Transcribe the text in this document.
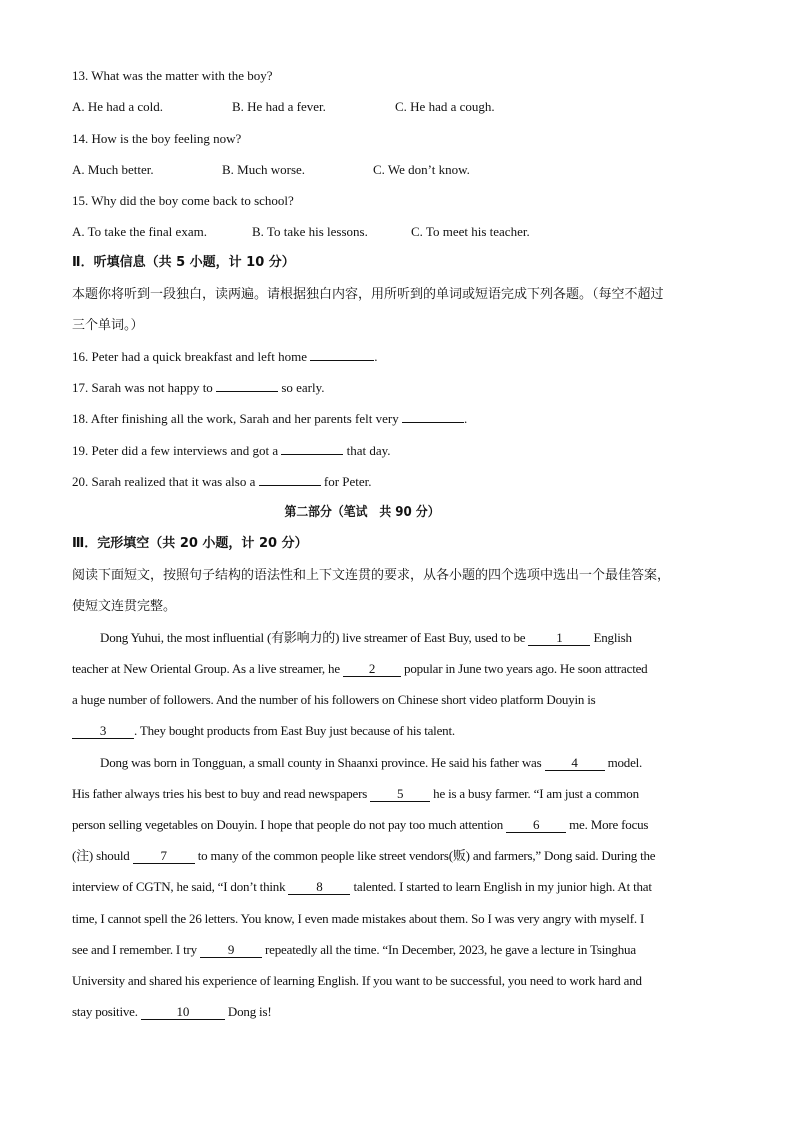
13. What was the matter with the boy?
A. He had a cold.	B. He had a fever.	C. He had a cough.
14. How is the boy feeling now?
A. Much better.	B. Much worse.	C. We don’t know.
15. Why did the boy come back to school?
A. To take the final exam.	B. To take his lessons.	C. To meet his teacher.
Ⅱ．听填信息（共 5 小题，计 10 分）
本题你将听到一段独白，读两遍。请根据独白内容，用所听到的单词或短语完成下列各题。（每空不超过
三个单词。）
16. Peter had a quick breakfast and left home	.
17. Sarah was not happy to	so early.
18. After finishing all the work, Sarah and her parents felt very	.
19. Peter did a few interviews and got a	that day.
20. Sarah realized that it was also a	for Peter.
第二部分（笔试　共 90 分）
Ⅲ．完形填空（共 20 小题，计 20 分）
阅读下面短文，按照句子结构的语法性和上下文连贯的要求，从各小题的四个选项中选出一个最佳答案，
使短文连贯完整。
Dong Yuhui, the most influential (有影响力的) live streamer of East Buy, used to be 1 English
teacher at New Oriental Group. As a live streamer, he 2 popular in June two years ago. He soon attracted
a huge number of followers. And the number of his followers on Chinese short video platform Douyin is
3 . They bought products from East Buy just because of his talent.
Dong was born in Tongguan, a small county in Shaanxi province. He said his father was 4 model.
His father always tries his best to buy and read newspapers 5 he is a busy farmer. “I am just a common
person selling vegetables on Douyin. I hope that people do not pay too much attention 6 me. More focus
(注) should 7 to many of the common people like street vendors(贩) and farmers,” Dong said. During the
interview of CGTN, he said, “I don’t think 8 talented. I started to learn English in my junior high. At that
time, I cannot spell the 26 letters. You know, I even made mistakes about them. So I was very angry with myself. I
see and I remember. I try 9 repeatedly all the time. “In December, 2023, he gave a lecture in Tsinghua
University and shared his experience of learning English. If you want to be successful, you need to work hard and
stay positive.	10	Dong is!
